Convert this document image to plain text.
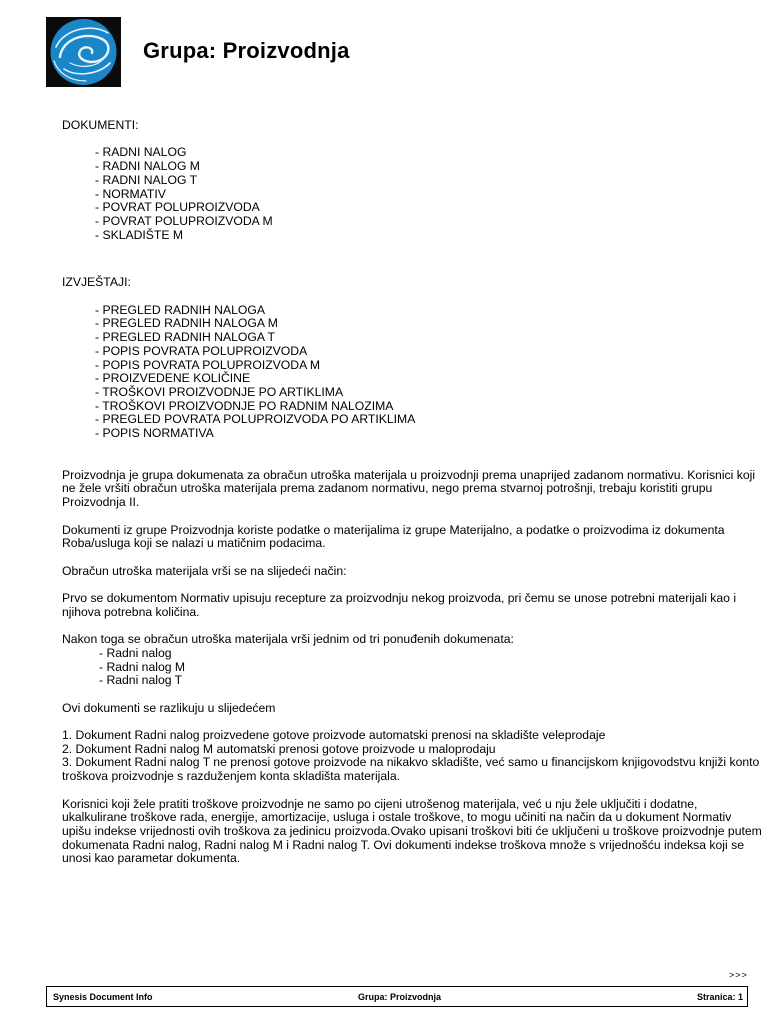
Grupa: Proizvodnja
DOKUMENTI:
- RADNI NALOG
- RADNI NALOG M
- RADNI NALOG T
- NORMATIV
- POVRAT POLUPROIZVODA
- POVRAT POLUPROIZVODA M
- SKLADIŠTE M
IZVJEŠTAJI:
- PREGLED RADNIH NALOGA
- PREGLED RADNIH NALOGA M
- PREGLED RADNIH NALOGA T
- POPIS POVRATA POLUPROIZVODA
- POPIS POVRATA POLUPROIZVODA M
- PROIZVEDENE KOLIČINE
- TROŠKOVI PROIZVODNJE PO ARTIKLIMA
- TROŠKOVI PROIZVODNJE PO RADNIM NALOZIMA
- PREGLED POVRATA POLUPROIZVODA PO ARTIKLIMA
- POPIS NORMATIVA

Proizvodnja je grupa dokumenata za obračun utroška materijala u proizvodnji prema unaprijed zadanom normativu. Korisnici koji ne žele vršiti obračun utroška materijala prema zadanom normativu, nego prema stvarnoj potrošnji, trebaju koristiti grupu Proizvodnja II.

Dokumenti iz grupe Proizvodnja koriste podatke o materijalima iz grupe Materijalno, a podatke o proizvodima iz dokumenta Roba/usluga koji se nalazi u matičnim podacima.

Obračun utroška materijala vrši se na slijedeći način:

Prvo se dokumentom Normativ upisuju recepture za proizvodnju nekog proizvoda, pri čemu se unose potrebni materijali kao i njihova potrebna količina.

Nakon toga se obračun utroška materijala vrši jednim od tri ponuđenih dokumenata:

- Radni nalog
- Radni nalog M
- Radni nalog T

Ovi dokumenti se razlikuju u slijedećem

1. Dokument Radni nalog proizvedene gotove proizvode automatski prenosi na skladište veleprodaje

2. Dokument Radni nalog M automatski prenosi gotove proizvode u maloprodaju

3. Dokument Radni nalog T ne prenosi gotove proizvode na nikakvo skladište, već samo u financijskom knjigovodstvu knjiži konto troškova proizvodnje s razduženjem konta skladišta materijala.

Korisnici koji žele pratiti troškove proizvodnje ne samo po cijeni utrošenog materijala, već u nju žele uključiti i dodatne, ukalkulirane troškove rada, energije, amortizacije, usluga i ostale troškove, to mogu učiniti na način da u dokument Normativ upišu indekse vrijednosti ovih troškova za jedinicu proizvoda.Ovako upisani troškovi biti će uključeni u troškove proizvodnje putem dokumenata Radni nalog, Radni nalog M i Radni nalog T. Ovi dokumenti indekse troškova množe s vrijednošću indeksa koji se unosi kao parametar dokumenta.

>>>
Synesis Document Info	Grupa: Proizvodnja	Stranica: 1
